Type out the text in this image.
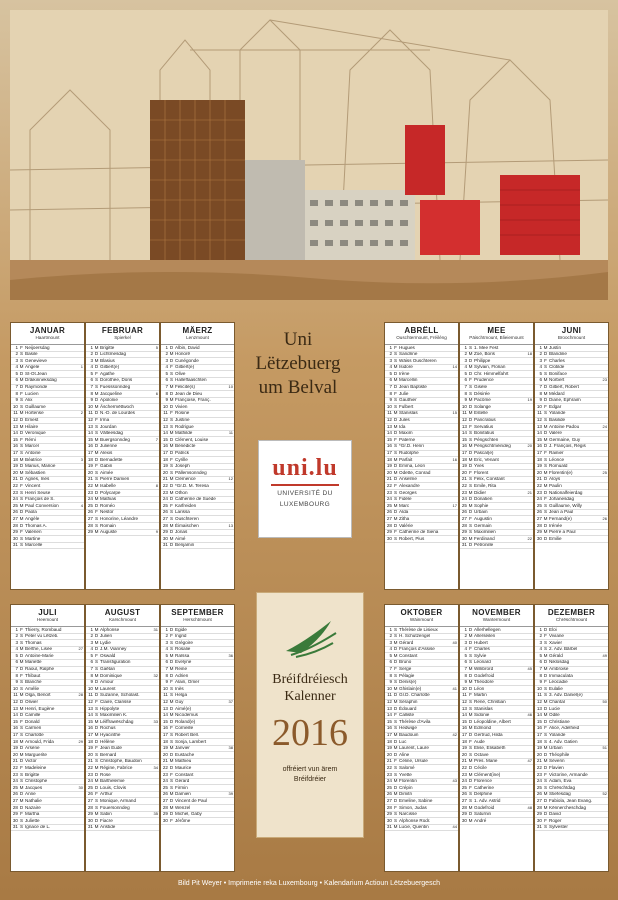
Uni
Lëtzebuerg
um Belval
uni.lu
UNIVERSITÉ DU
LUXEMBOURG
Bréifdréiesch
Kalenner
2016
offréiert vun ärem
Bréifdréier
JANUAR
Haartmount
1 F Neijoersdag
2 S Basile
3 S Genevieve
4 M Angele	1
5 D St-Ot.Jean
6 M Dräikinneksdag
7 D Raymonde
8 F Lucien
9 S Alix
10 S Guillaume
11 M Hortense	2
12 D Ernest
13 M Hilaire
14 D Veronique
15 F Rémi
16 S Marcel
17 S Antoine
18 M Béatrice	3
19 D Marius, Marioe
20 M Sébastien
21 D Agnès, Inès
22 F Vincent
23 S Henri Seuse
24 S François de S.
25 M Paul Conversion	4
26 D Paola
27 M Angèle
28 D Thomas A.
29 F Valérien
30 S Martine
31 S Marcelle
FEBRUAR
Spierkel
1 M Brigitte	5
2 D Lichtmesdag
3 M Blasius
4 D Gilbert(e)
5 F Agathe
6 S Dorothée, Doris
7 S Fuesssonndeg
8 M Jacqueline	6
9 D Apolonie
10 M Äschermëttwoch
11 D N.-D. de Lourdes
12 F Irma
13 S Jourdan
14 S Välteesdag
15 M Buergsonndeg	7
16 D Julienne
17 M Alexis
18 D Bernadette
19 F Gabin
20 S Aimée
21 S Pierre Damien
22 M Isabelle	8
23 D Polycarpe
24 M Mathias
25 D Roméo
26 F Nestor
27 S Honorine, Léandre
28 S Romain
29 M Auguste	9
MÄERZ
Lenzmount
1 D Albin, David
2 M Honorë
3 D Cunégonde
4 F Gilbert(e)
5 S Olive
6 S Halleffaaschten
7 M Félicité(s)	10
8 D Jean de Dieu
9 M Françoise, Franç.
10 D Vivien
11 F Rosine
12 S Justine
13 S Rodrigue
14 M Mathilde	11
15 D Clément, Louise
16 M Bénédicte
17 D Patrick
18 F Cyrille
19 S Joseph
20 S Pällemsonndeg
21 M Clémence	12
22 D *Gr.D. M. Teresa
23 M Othon
24 D Catherine de Suède
25 F Karfreiden
26 S Larissa
27 S Ouschteren
28 M Éimaischen	13
29 D Jonas
30 M Aimé
31 D Benjamin
ABRËLL
Ouschtermount, Fréiléng
1 F Hugues
2 S Sandrine
3 S Wäiss Ouschteren
4 M Isidore	14
5 D Irène
6 M Marcellin
7 D Jean Baptiste
8 F Julie
9 S Gauthier
10 S Fulbert
11 M Stanislas	15
12 D Jules
13 M Ida
14 D Maxim
15 F Paterne
16 S *Gr.D. Henri
17 S Rudolphe
18 M Parfait	16
19 D Emma, Léon
20 M Odette, Conrad
21 D Anselme
22 F Alexandre
23 S Georges
24 S Fidèle
25 M Marc	17
26 D Alda
27 M Zitha
28 D Valérie
29 F Catherine de Siena
30 S Robert, Pius
MEE
Päischtmount, Blieiemount
1 S 1. Mee Fest
2 M Zoé, Boris	18
3 D Philippe
4 M Sylvain, Florian
5 D Chr. Himmelfahrt
6 F Prudence
7 S Gisèle
8 S Désirée
9 M Pacôme	19
10 D Solange
11 M Estelle
12 D Pancratius
13 F Servatius
14 S Bonifatius
15 S Péngschten
16 M Péngschtméindeg	20
17 D Pascal(e)
18 M Eric, Venant
19 D Yves
20 F Florent
21 S Félix, Constant
22 S Emile, Rita
23 M Didier	21
24 D Donatien
25 M Sophie
26 D Urbain
27 F Augustin
28 S Germain
29 S Maximilien
30 M Ferdinand	22
31 D Pétronille
JUNI
Broochmount
1 M Justin
2 D Blandine
3 F Charles
4 S Clotilde
5 S Boniface
6 M Norbert	23
7 D Gilbert, Robert
8 M Médard
9 D Diane, Ephraim
10 F Edgar
11 S Yolande
12 S Basilide
13 M Antoine Padou	24
14 D Valère
15 M Germaine, Guy
16 D J. François, Régis
17 F Rainier
18 S Léonce
19 S Romuald
20 M Florentin(e)	25
21 D Aloys
22 M Paulin
23 D Nationalfeierdag
24 F Johanesdag
25 S Guillaume, Willy
26 S Jean a Paul
27 M Fernand(e)	26
28 D Irénée
29 M Pierre a Paul
30 D Emilie
JULI
Heemount
1 F Thierry, Rombaud
2 S Peter vu Lëtzeb.
3 S Thomas
4 M Berthe, Lisée	27
5 D Antoine-Marie
6 M Mariette
7 D Raoul, Ralphe
8 F Thibaut
9 S Blanche
10 S Amélie
11 M Olga, Benoît	28
12 D Olivier
13 M Henri, Eugène
14 D Camille
15 F Donald
16 S Carmen
17 S Charlotte
18 M Arnould, Frida	29
19 D Arsène
20 M Marguerite
21 D Victor
22 F Madeleine
23 S Brigitte
24 S Christophe
25 M Jacques	30
26 D Anne
27 M Nathalie
28 D Nazaire
29 F Martha
30 S Juliette
31 S Ignace de L.
AUGUST
Karschmount
1 M Alphonse	31
2 D Julien
3 M Lydie
4 D J.M. Vianney
5 F Oswald
6 S Transfiguration
7 S Gaëtan
8 M Dominique	32
9 D Amour
10 M Laurent
11 D Suzanne, Scholast.
12 F Claire, Clarisse
13 S Hippolyte
14 S Maximilien K.
15 M Léiffrawëschdag	33
16 D Rochus
17 M Hyacinthe
18 D Hélène
19 F Jean Eude
20 S Bernard
21 S Christophe, Baudoin
22 M Régine, Fabrice	34
23 D Rose
24 M Barthelemie
25 D Louis, Clovis
26 F Arthur
27 S Monique, Armand
28 S Fouersonndeg
29 M Sabin	35
30 D Fiacre
31 M Aristide
SEPTEMBER
Herschtmount
1 D Egide
2 F Ingrid
3 S Grégoire
4 S Rosalie
5 M Raïssa	36
6 D Evelyne
7 M Reine
8 D Adrien
9 F Alain, Omer
10 S Inès
11 S Helga
12 M Guy	37
13 D Aimé(e)
14 M Nicodemus
15 D Roland(e)
16 F Corneille
17 S Robert Bell.
18 S Sonja, Lambert
19 M Janvier	38
20 D Eustache
21 M Mathieu
22 D Maurice
23 F Constant
24 S Gérard
25 S Firmin
26 M Damien	39
27 D Vincent de Paul
28 M Wenzel
29 D Michel, Gaby
30 F Jérôme
OKTOBER
Wäinmount
1 S Thérèse de Lisieux
2 S H. Schutzengel
3 M Gérard	40
4 D François d'Assise
5 M Constant
6 D Bruno
7 F Serge
8 S Pélagie
9 S Denis(e)
10 M Ghislain(e)	41
11 D Gr.D. Charlotte
12 M Séraphin
13 D Édouard
14 F Calliste
15 S Thérèse d'Avila
16 S Hedwige
17 M Baudouin	42
18 D Luc
19 M Laurent, Laure
20 D Aline
21 F Céline, Ursule
22 S Salomé
23 S Yvette
24 M Florentin	43
25 D Crépin
26 M Dimitri
27 D Emeline, Sabine
28 F Simon, Judas
29 S Narcisse
30 S Alphonse Rodr.
31 M Lucie, Quentin	44
NOVEMBER
Wantermount
1 D Allerhellegen
2 M Allerséilen
3 D Hubert
4 F Charles
5 S Sylvie
6 S Léonard
7 M Willibrord	45
8 D Godefroid
9 M Théodore
10 D Léon
11 F Martin
12 S René, Christian
13 S Stanislas
14 M Sidonie	46
15 D Léopoldine, Albert
16 M Edmond
17 D Gertrud, Hilda
18 F Aude
19 S Élise, Élisabeth
20 S Octave
21 M Prés. Marie	47
22 D Cécile
23 M Clément(ine)
24 D Florence
25 F Catherine
26 S Delphine
27 S 1. Adv. Astrid
28 M Godefroid	48
29 D Saturnin
30 M André
DEZEMBER
Chrëschtmount
1 D Eloi
2 F Viviane
3 S Xavier
4 S 2. Adv. Bärbel
5 M Gérald	49
6 D Niklosdag
7 M Ambroise
8 D Immaculata
9 F Léocadie
10 S Eulalie
11 S 3. Adv. Daniel(e)
12 M Chantal	50
13 D Lucie
14 M Odile
15 D Christiane
16 F Alice, Adelheid
17 S Yolande
18 S 4. Adv. Gatien
19 M Urbain	51
20 D Théophile
21 M Séverin
22 D Flavien
23 F Victorine, Armande
24 S Adam, Eva
25 S Chrëschtdag
26 M Stiefesdag	52
27 D Fabiola, Jean Evang.
28 M Kënnercheschdag
29 D David
30 F Roger
31 S Sylvester
Bild Pit Weyer • Imprimerie reka Luxembourg • Kalendarium Actioun Lëtzebuergesch
